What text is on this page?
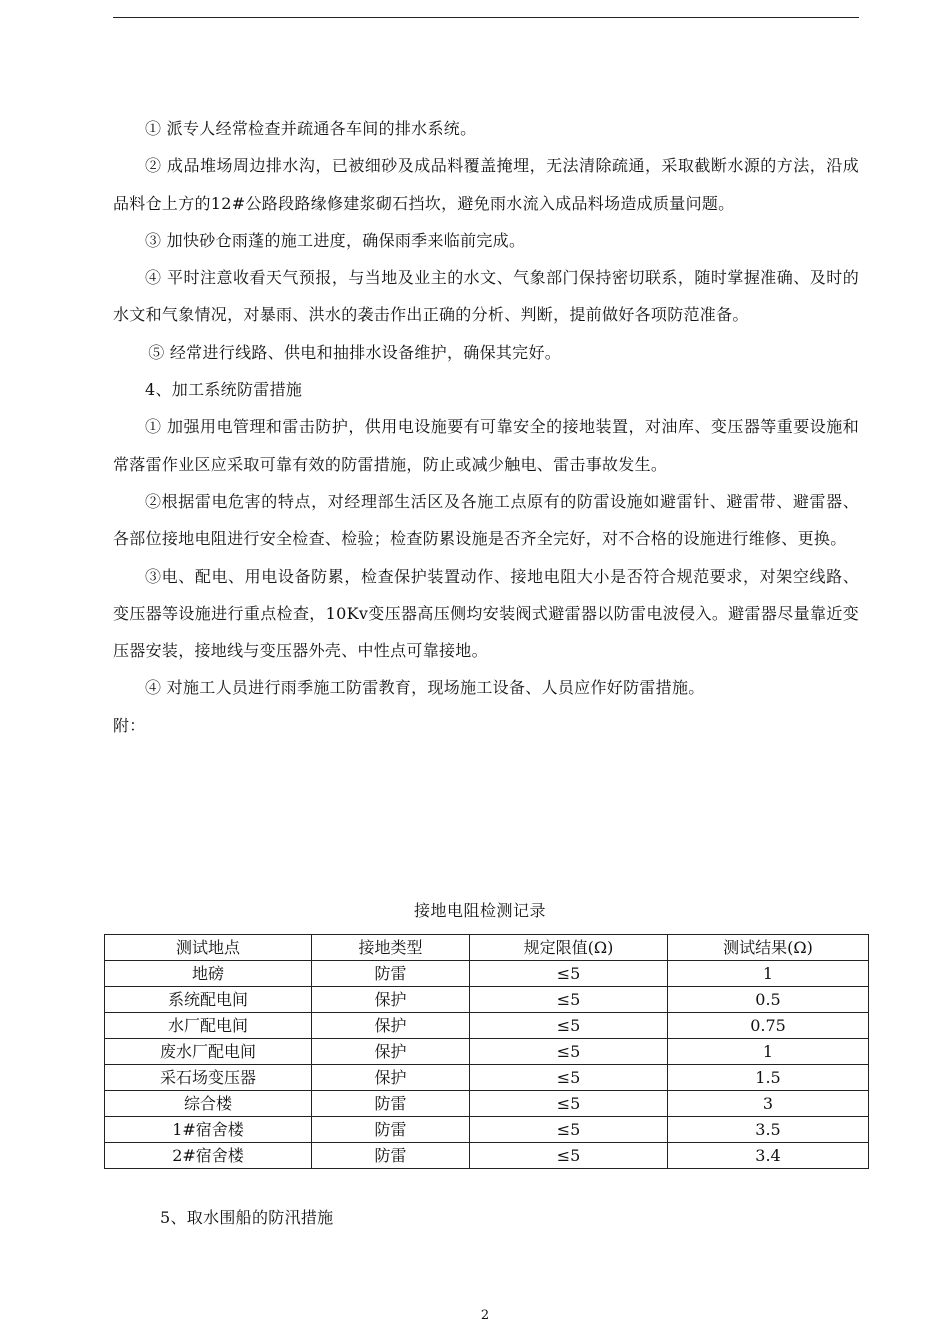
① 派专人经常检查并疏通各车间的排水系统。

② 成品堆场周边排水沟，已被细砂及成品料覆盖掩埋，无法清除疏通，采取截断水源的方法，沿成品料仓上方的12#公路段路缘修建浆砌石挡坎，避免雨水流入成品料场造成质量问题。

③ 加快砂仓雨蓬的施工进度，确保雨季来临前完成。

④ 平时注意收看天气预报，与当地及业主的水文、气象部门保持密切联系，随时掌握准确、及时的水文和气象情况，对暴雨、洪水的袭击作出正确的分析、判断，提前做好各项防范准备。

⑤ 经常进行线路、供电和抽排水设备维护，确保其完好。

4、加工系统防雷措施

① 加强用电管理和雷击防护，供用电设施要有可靠安全的接地装置，对油库、变压器等重要设施和常落雷作业区应采取可靠有效的防雷措施，防止或减少触电、雷击事故发生。

②根据雷电危害的特点，对经理部生活区及各施工点原有的防雷设施如避雷针、避雷带、避雷器、各部位接地电阻进行安全检查、检验；检查防累设施是否齐全完好，对不合格的设施进行维修、更换。

③电、配电、用电设备防累，检查保护装置动作、接地电阻大小是否符合规范要求，对架空线路、变压器等设施进行重点检查，10Kv变压器高压侧均安装阀式避雷器以防雷电波侵入。避雷器尽量靠近变压器安装，接地线与变压器外壳、中性点可靠接地。

④ 对施工人员进行雨季施工防雷教育，现场施工设备、人员应作好防雷措施。

附：

接地电阻检测记录
测试地点	接地类型	规定限值(Ω)	测试结果(Ω)
地磅	防雷	≤5	1
系统配电间	保护	≤5	0.5
水厂配电间	保护	≤5	0.75
废水厂配电间	保护	≤5	1
采石场变压器	保护	≤5	1.5
综合楼	防雷	≤5	3
1#宿舍楼	防雷	≤5	3.5
2#宿舍楼	防雷	≤5	3.4
5、取水围船的防汛措施
2
